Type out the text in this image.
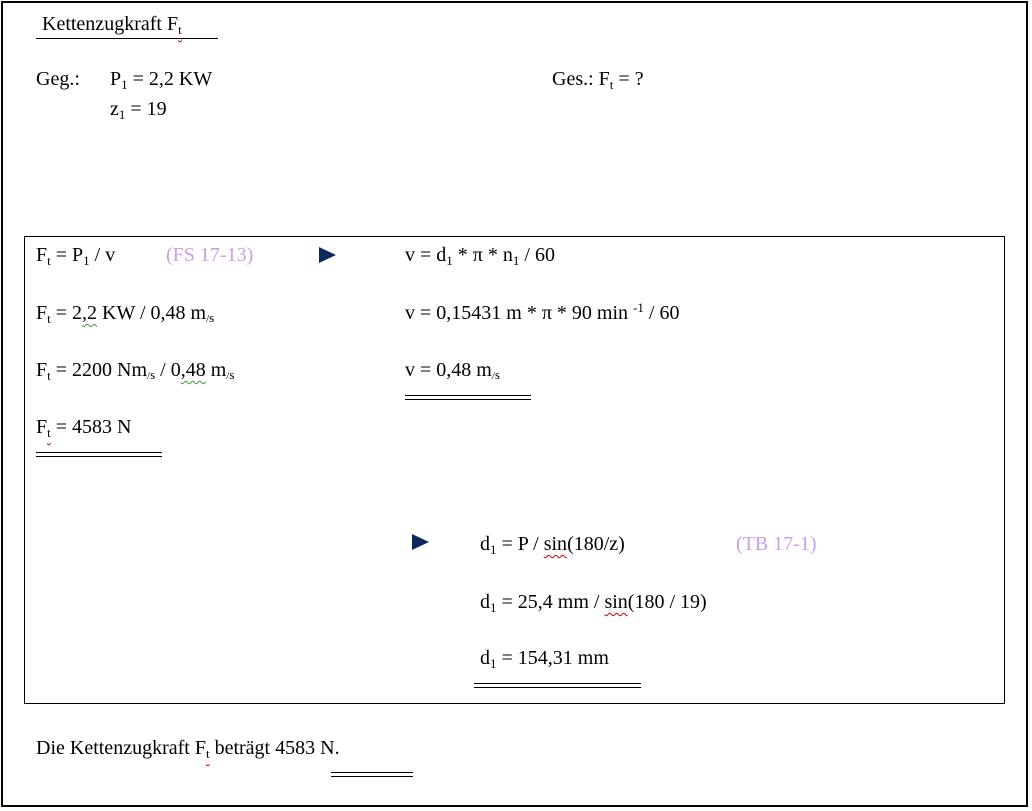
Kettenzugkraft $F_t$
Geg.: $P_1 = 2,2$ KW
$z_1 = 19$
Ges.: $F_t$ = ?
$F_t = P_1 / v$	(FS 17-13)
$F_t = 2,2$ KW / 0,48 m/s
$F_t = 2200$ Nm/s / 0,48 m/s
$F_t = 4583$ N
$v = d_1 * \pi * n_1 / 60$
v = 0,15431 m * π * 90 min $^{-1}$ / 60
v = 0,48 m/s
$d_1 = P / \sin(180/z)$	(TB 17-1)
$d_1 = 25,4$ mm / sin(180 / 19)
$d_1 = 154,31$ mm
Die Kettenzugkraft $F_t$ beträgt 4583 N.
